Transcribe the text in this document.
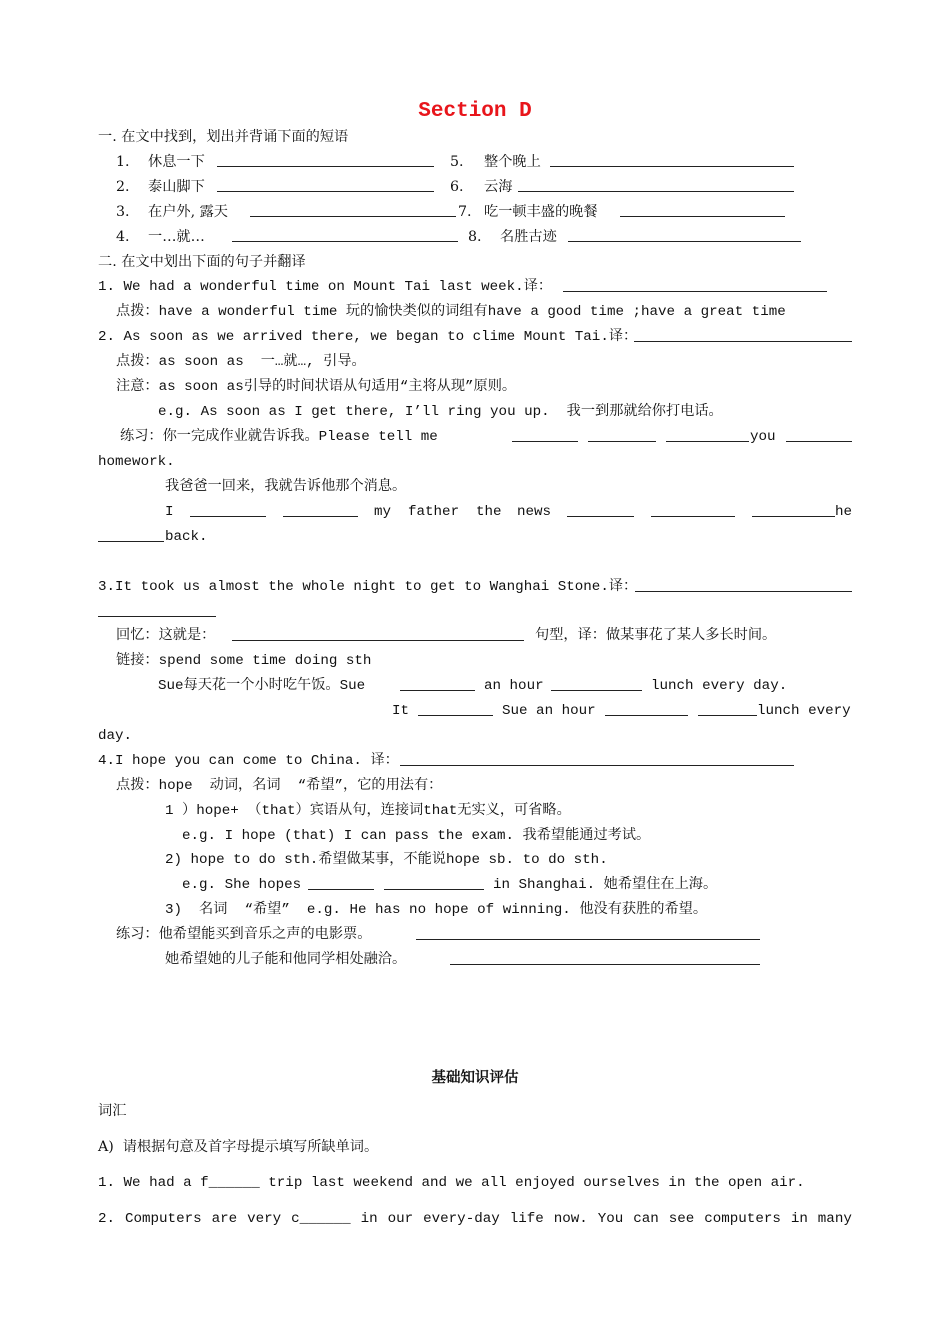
Section D
一. 在文中找到，划出并背诵下面的短语
1. 休息一下	5. 整个晚上
2. 泰山脚下	6. 云海
3. 在户外, 露天	7. 吃一顿丰盛的晚餐
4. 一…就…	8. 名胜古迹
二. 在文中划出下面的句子并翻译
1. We had a wonderful time on Mount Tai last week.译：
点拨：have a wonderful time 玩的愉快类似的词组有have a good time ;have a great time
2. As soon as we arrived there, we began to clime Mount Tai.译：
点拨：as soon as  一…就…, 引导。
注意：as soon as引导的时间状语从句适用“主将从现”原则。
e.g. As soon as I get there, I’ll ring you up.  我一到那就给你打电话。
练习：你一完成作业就告诉我。Please tell me	you
homework.
我爸爸一回来，我就告诉他那个消息。
I	my father the news	he
back.
3.It took us almost the whole night to get to Wanghai Stone.译：
回忆：这就是：	句型，译：做某事花了某人多长时间。
链接：spend some time doing sth
Sue每天花一个小时吃午饭。Sue	an hour	lunch every day.
It	Sue an hour	lunch every
day.
4.I hope you can come to China. 译：
点拨：hope  动词，名词  “希望”，它的用法有：
1 ）hope+ （that）宾语从句，连接词that无实义，可省略。
e.g. I hope (that) I can pass the exam. 我希望能通过考试。
2) hope to do sth.希望做某事，不能说hope sb. to do sth.
e.g. She hopes	in Shanghai. 她希望住在上海。
3)  名词  “希望”  e.g. He has no hope of winning. 他没有获胜的希望。
练习：他希望能买到音乐之声的电影票。
她希望她的儿子能和他同学相处融洽。
基础知识评估
词汇
A)  请根据句意及首字母提示填写所缺单词。
1. We had a f______ trip last weekend and we all enjoyed ourselves in the open air.
2. Computers are very c______ in our every-day life now. You can see computers in many
